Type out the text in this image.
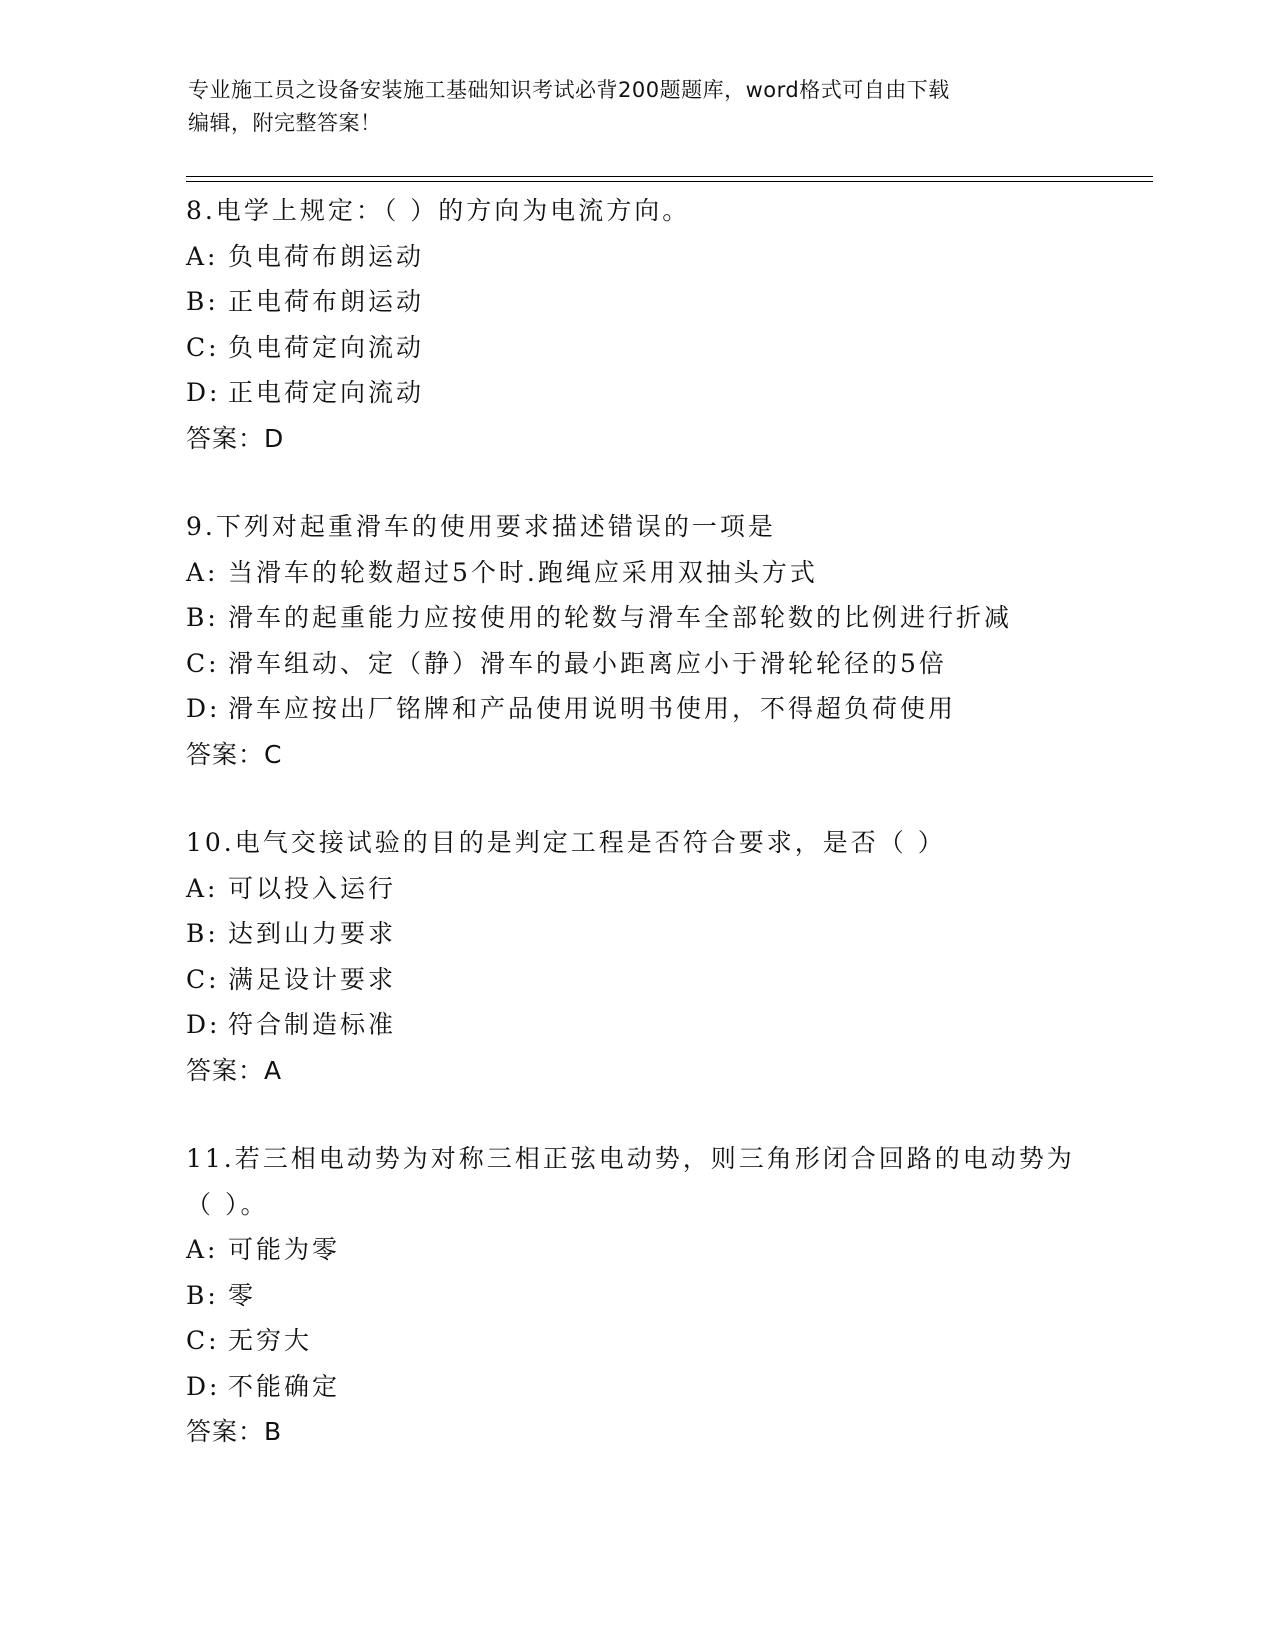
专业施工员之设备安装施工基础知识考试必背200题题库，word格式可自由下载
编辑，附完整答案！
8.电学上规定：（ ）的方向为电流方向。
A: 负电荷布朗运动
B: 正电荷布朗运动
C: 负电荷定向流动
D: 正电荷定向流动
答案：D
9.下列对起重滑车的使用要求描述错误的一项是
A: 当滑车的轮数超过5个时.跑绳应采用双抽头方式
B: 滑车的起重能力应按使用的轮数与滑车全部轮数的比例进行折减
C: 滑车组动、定（静）滑车的最小距离应小于滑轮轮径的5倍
D: 滑车应按出厂铭牌和产品使用说明书使用，不得超负荷使用
答案：C
10.电气交接试验的目的是判定工程是否符合要求，是否（ ）
A: 可以投入运行
B: 达到山力要求
C: 满足设计要求
D: 符合制造标准
答案：A
11.若三相电动势为对称三相正弦电动势，则三角形闭合回路的电动势为（ ）。
A: 可能为零
B: 零
C: 无穷大
D: 不能确定
答案：B
